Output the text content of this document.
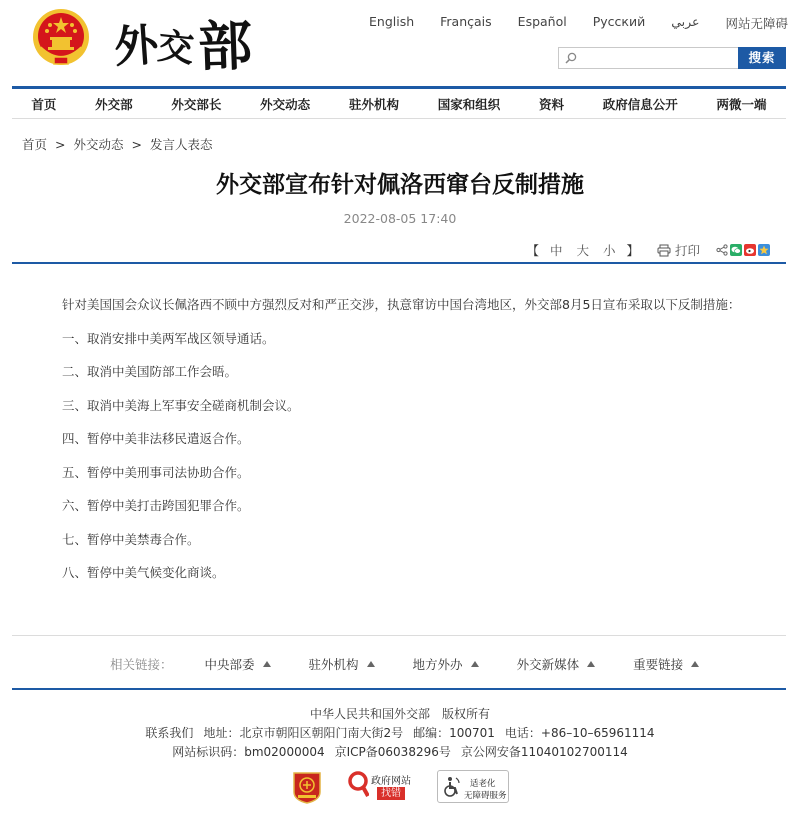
外
交 部	English Français Español Русский عربي 网站无障碍
搜索
首页	外交部	外交部长	外交动态	驻外机构	国家和组织	资料	政府信息公开	两微一端
首页 > 外交动态 > 发言人表态
外交部宣布针对佩洛西窜台反制措施
2022-08-05 17:40
【 中 大 小 】	打印

针对美国国会众议长佩洛西不顾中方强烈反对和严正交涉，执意窜访中国台湾地区，外交部8月5日宣布采取以下反制措施：

一、取消安排中美两军战区领导通话。

二、取消中美国防部工作会晤。

三、取消中美海上军事安全磋商机制会议。

四、暂停中美非法移民遣返合作。

五、暂停中美刑事司法协助合作。

六、暂停中美打击跨国犯罪合作。

七、暂停中美禁毒合作。

八、暂停中美气候变化商谈。

相关链接：	中央部委	驻外机构	地方外办	外交新媒体	重要链接
中华人民共和国外交部　版权所有
联系我们 地址：北京市朝阳区朝阳门南大街2号 邮编：100701 电话：+86–10–65961114
网站标识码：bm02000004 京ICP备06038296号 京公网安备11040102700114
政府网站
找错
适老化
无障碍服务
